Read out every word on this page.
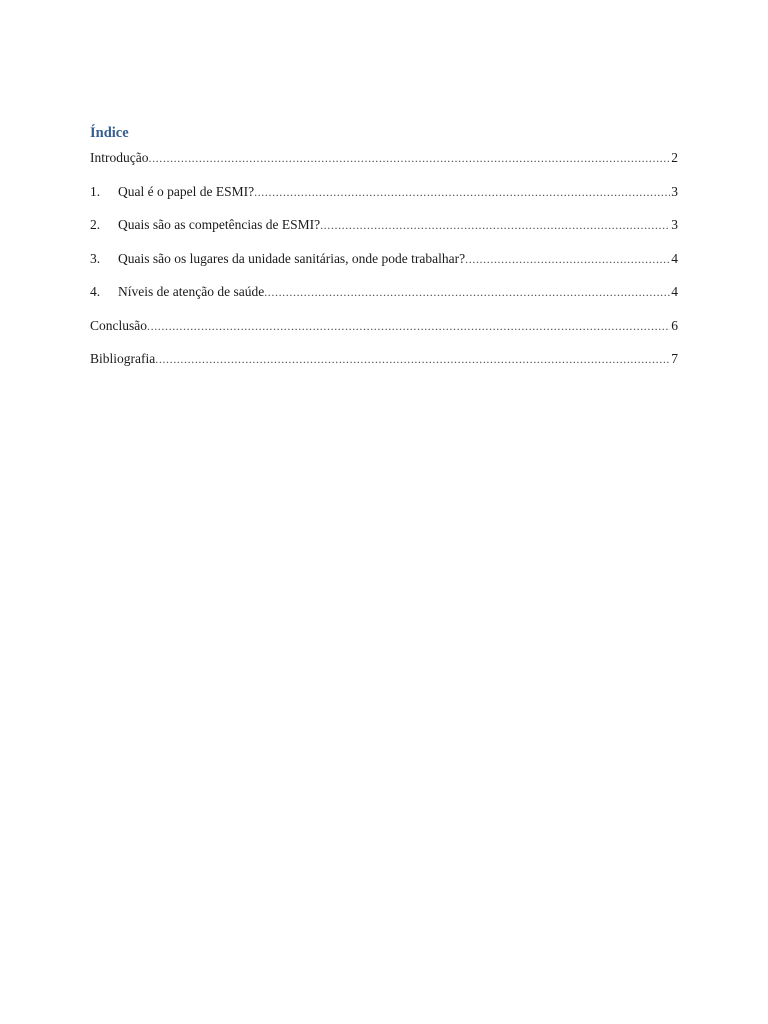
Índice
Introdução .....	2
1.	Qual é o papel de ESMI? .....	3
2.	Quais são as competências de ESMI? .....	3
3.	Quais são os lugares da unidade sanitárias, onde pode trabalhar? .....	4
4.	Níveis de atenção de saúde .....	4
Conclusão .....	6
Bibliografia .....	7
